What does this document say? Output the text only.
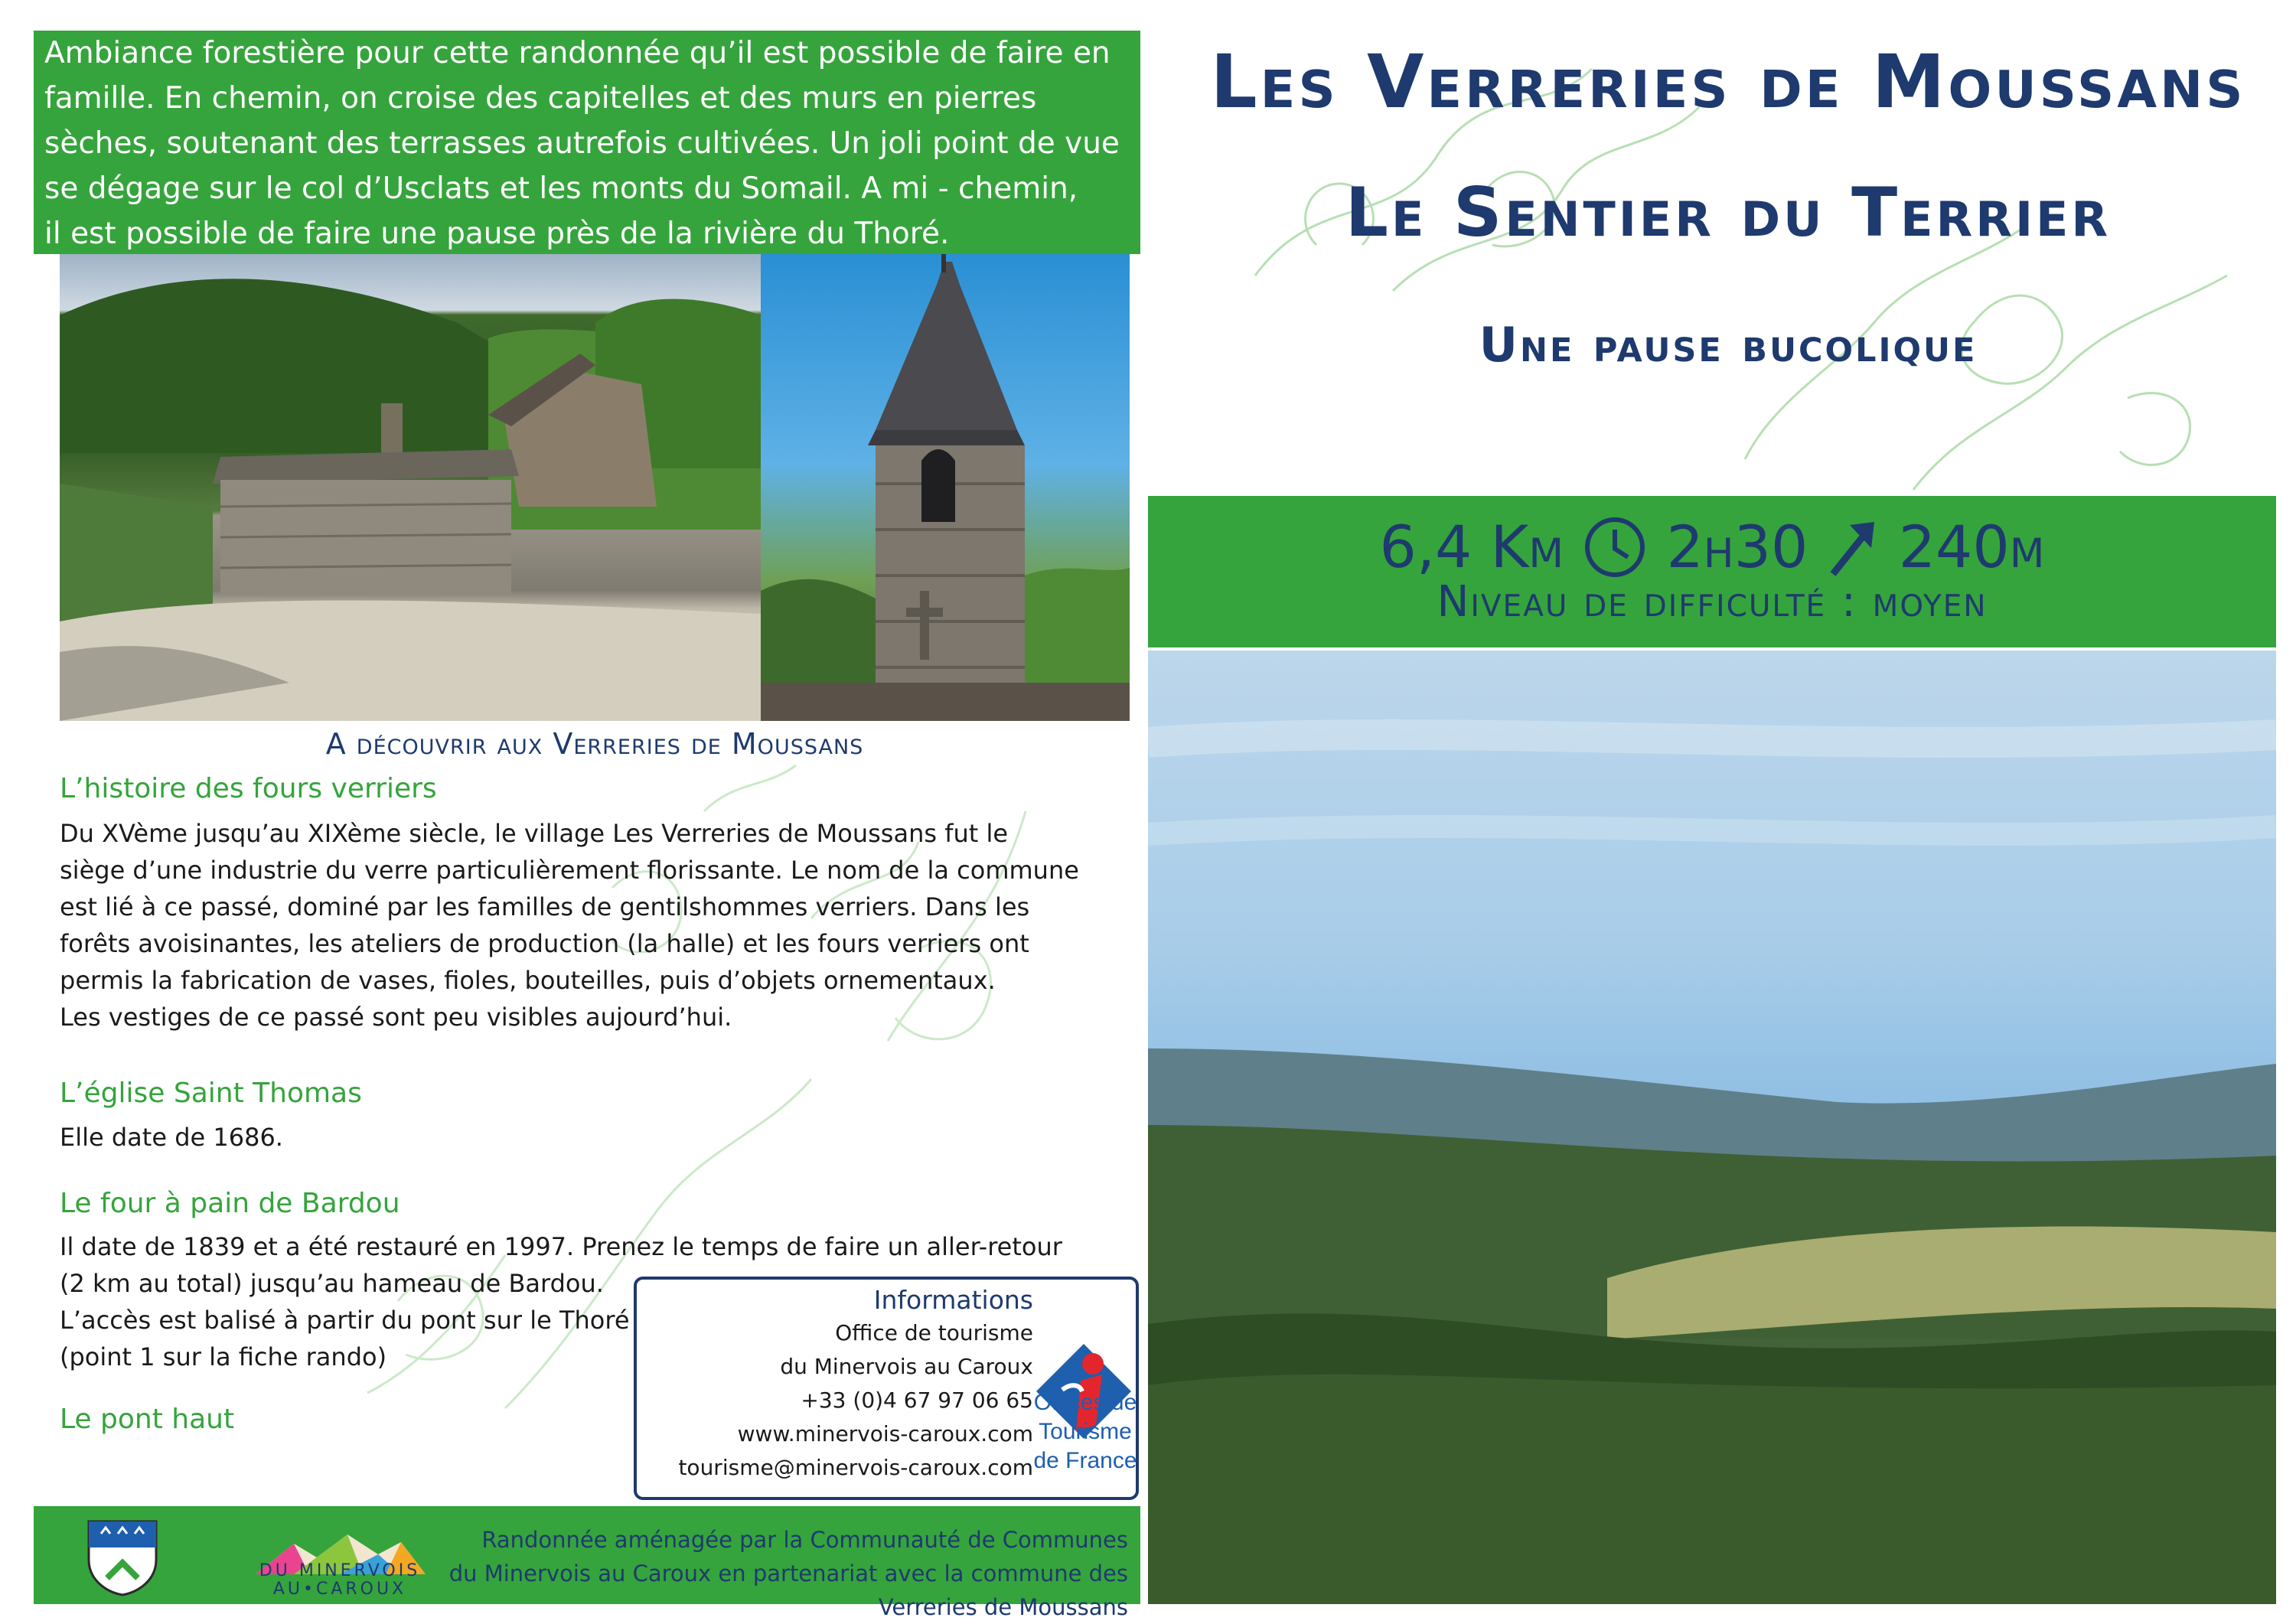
Ambiance forestière pour cette randonnée qu’il est possible de faire en

famille. En chemin, on croise des capitelles et des murs en pierres

sèches, soutenant des terrasses autrefois cultivées. Un joli point de vue

se dégage sur le col d’Usclats et les monts du Somail. A mi - chemin,

il est possible de faire une pause près de la rivière du Thoré.

A découvrir aux Verreries de Moussans
L’histoire des fours verriers

Du XVème jusqu’au XIXème siècle, le village Les Verreries de Moussans fut le

siège d’une industrie du verre particulièrement florissante. Le nom de la commune

est lié à ce passé, dominé par les familles de gentilshommes verriers. Dans les

forêts avoisinantes, les ateliers de production (la halle) et les fours verriers ont

permis la fabrication de vases, fioles, bouteilles, puis d’objets ornementaux.

Les vestiges de ce passé sont peu visibles aujourd’hui.

L’église Saint Thomas

Elle date de 1686.

Le four à pain de Bardou

Il date de 1839 et a été restauré en 1997. Prenez le temps de faire un aller-retour

(2 km au total) jusqu’au hameau de Bardou.

L’accès est balisé à partir du pont sur le Thoré

(point 1 sur la fiche rando)

Le pont haut
Informations
Office de tourisme
du Minervois au Caroux
+33 (0)4 67 97 06 65
www.minervois-caroux.com
tourisme@minervois-caroux.com
Offices de
Tourisme
de France
DU MINERVOIS
AU•CAROUX
Randonnée aménagée par la Communauté de Communes du Minervois au Caroux en partenariat avec la commune des Verreries de Moussans
Les Verreries de Moussans
Le Sentier du Terrier
Une pause bucolique
6,4 Km 2h30 240m
Niveau de difficulté : moyen
